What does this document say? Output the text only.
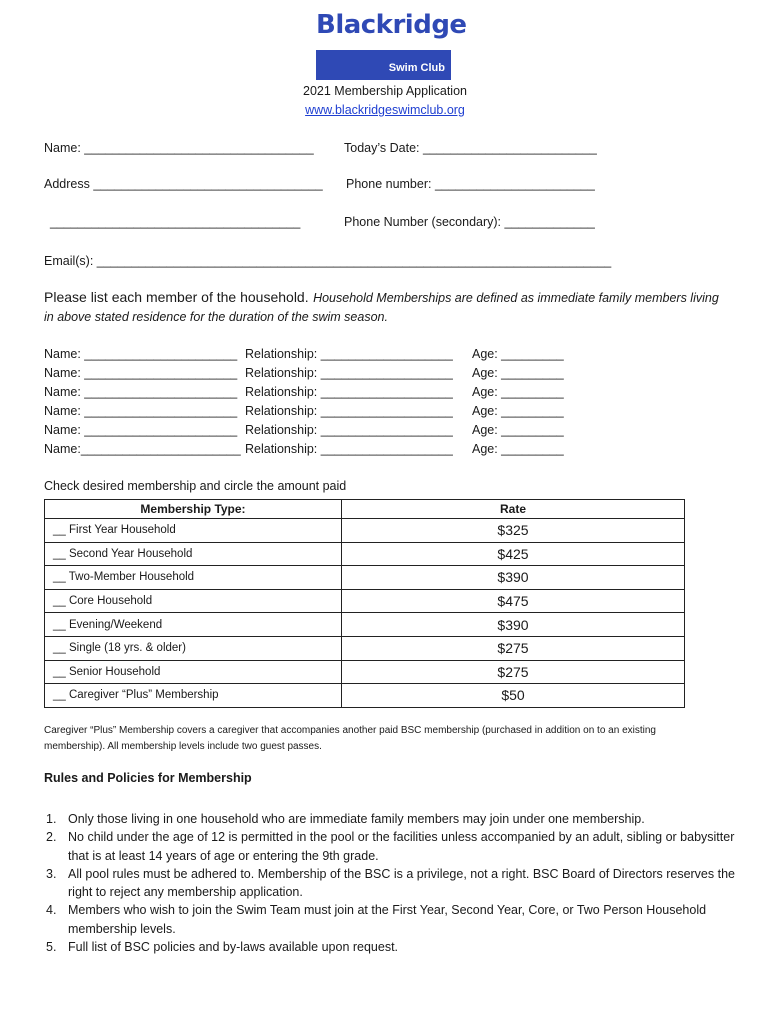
Blackridge
Swim Club
2021 Membership Application
www.blackridgeswimclub.org
Name: _________________________________ Today’s Date: _________________________
Address _________________________________ Phone number: _______________________
____________________________________	Phone Number (secondary): _____________
Email(s): __________________________________________________________________________
Please list each member of the household. Household Memberships are defined as immediate family members living
in above stated residence for the duration of the swim season.
Name: ______________________ Relationship: ___________________ Age: _________
Name: ______________________ Relationship: ___________________ Age: _________
Name: ______________________ Relationship: ___________________ Age: _________
Name: ______________________ Relationship: ___________________ Age: _________
Name: ______________________ Relationship: ___________________ Age: _________
Name:_______________________ Relationship: ___________________ Age: _________
Check desired membership and circle the amount paid
Membership Type:	Rate
__ First Year Household	$325
__ Second Year Household	$425
__ Two-Member Household	$390
__ Core Household	$475
__ Evening/Weekend	$390
__ Single (18 yrs. & older)	$275
__ Senior Household	$275
__ Caregiver “Plus” Membership	$50
Caregiver “Plus” Membership covers a caregiver that accompanies another paid BSC membership (purchased in addition on to an existing membership). All membership levels include two guest passes.
Rules and Policies for Membership
1. Only those living in one household who are immediate family members may join under one membership.
2. No child under the age of 12 is permitted in the pool or the facilities unless accompanied by an adult, sibling or babysitter that is at least 14 years of age or entering the 9th grade.
3. All pool rules must be adhered to. Membership of the BSC is a privilege, not a right. BSC Board of Directors reserves the right to reject any membership application.
4. Members who wish to join the Swim Team must join at the First Year, Second Year, Core, or Two Person Household membership levels.
5. Full list of BSC policies and by-laws available upon request.
